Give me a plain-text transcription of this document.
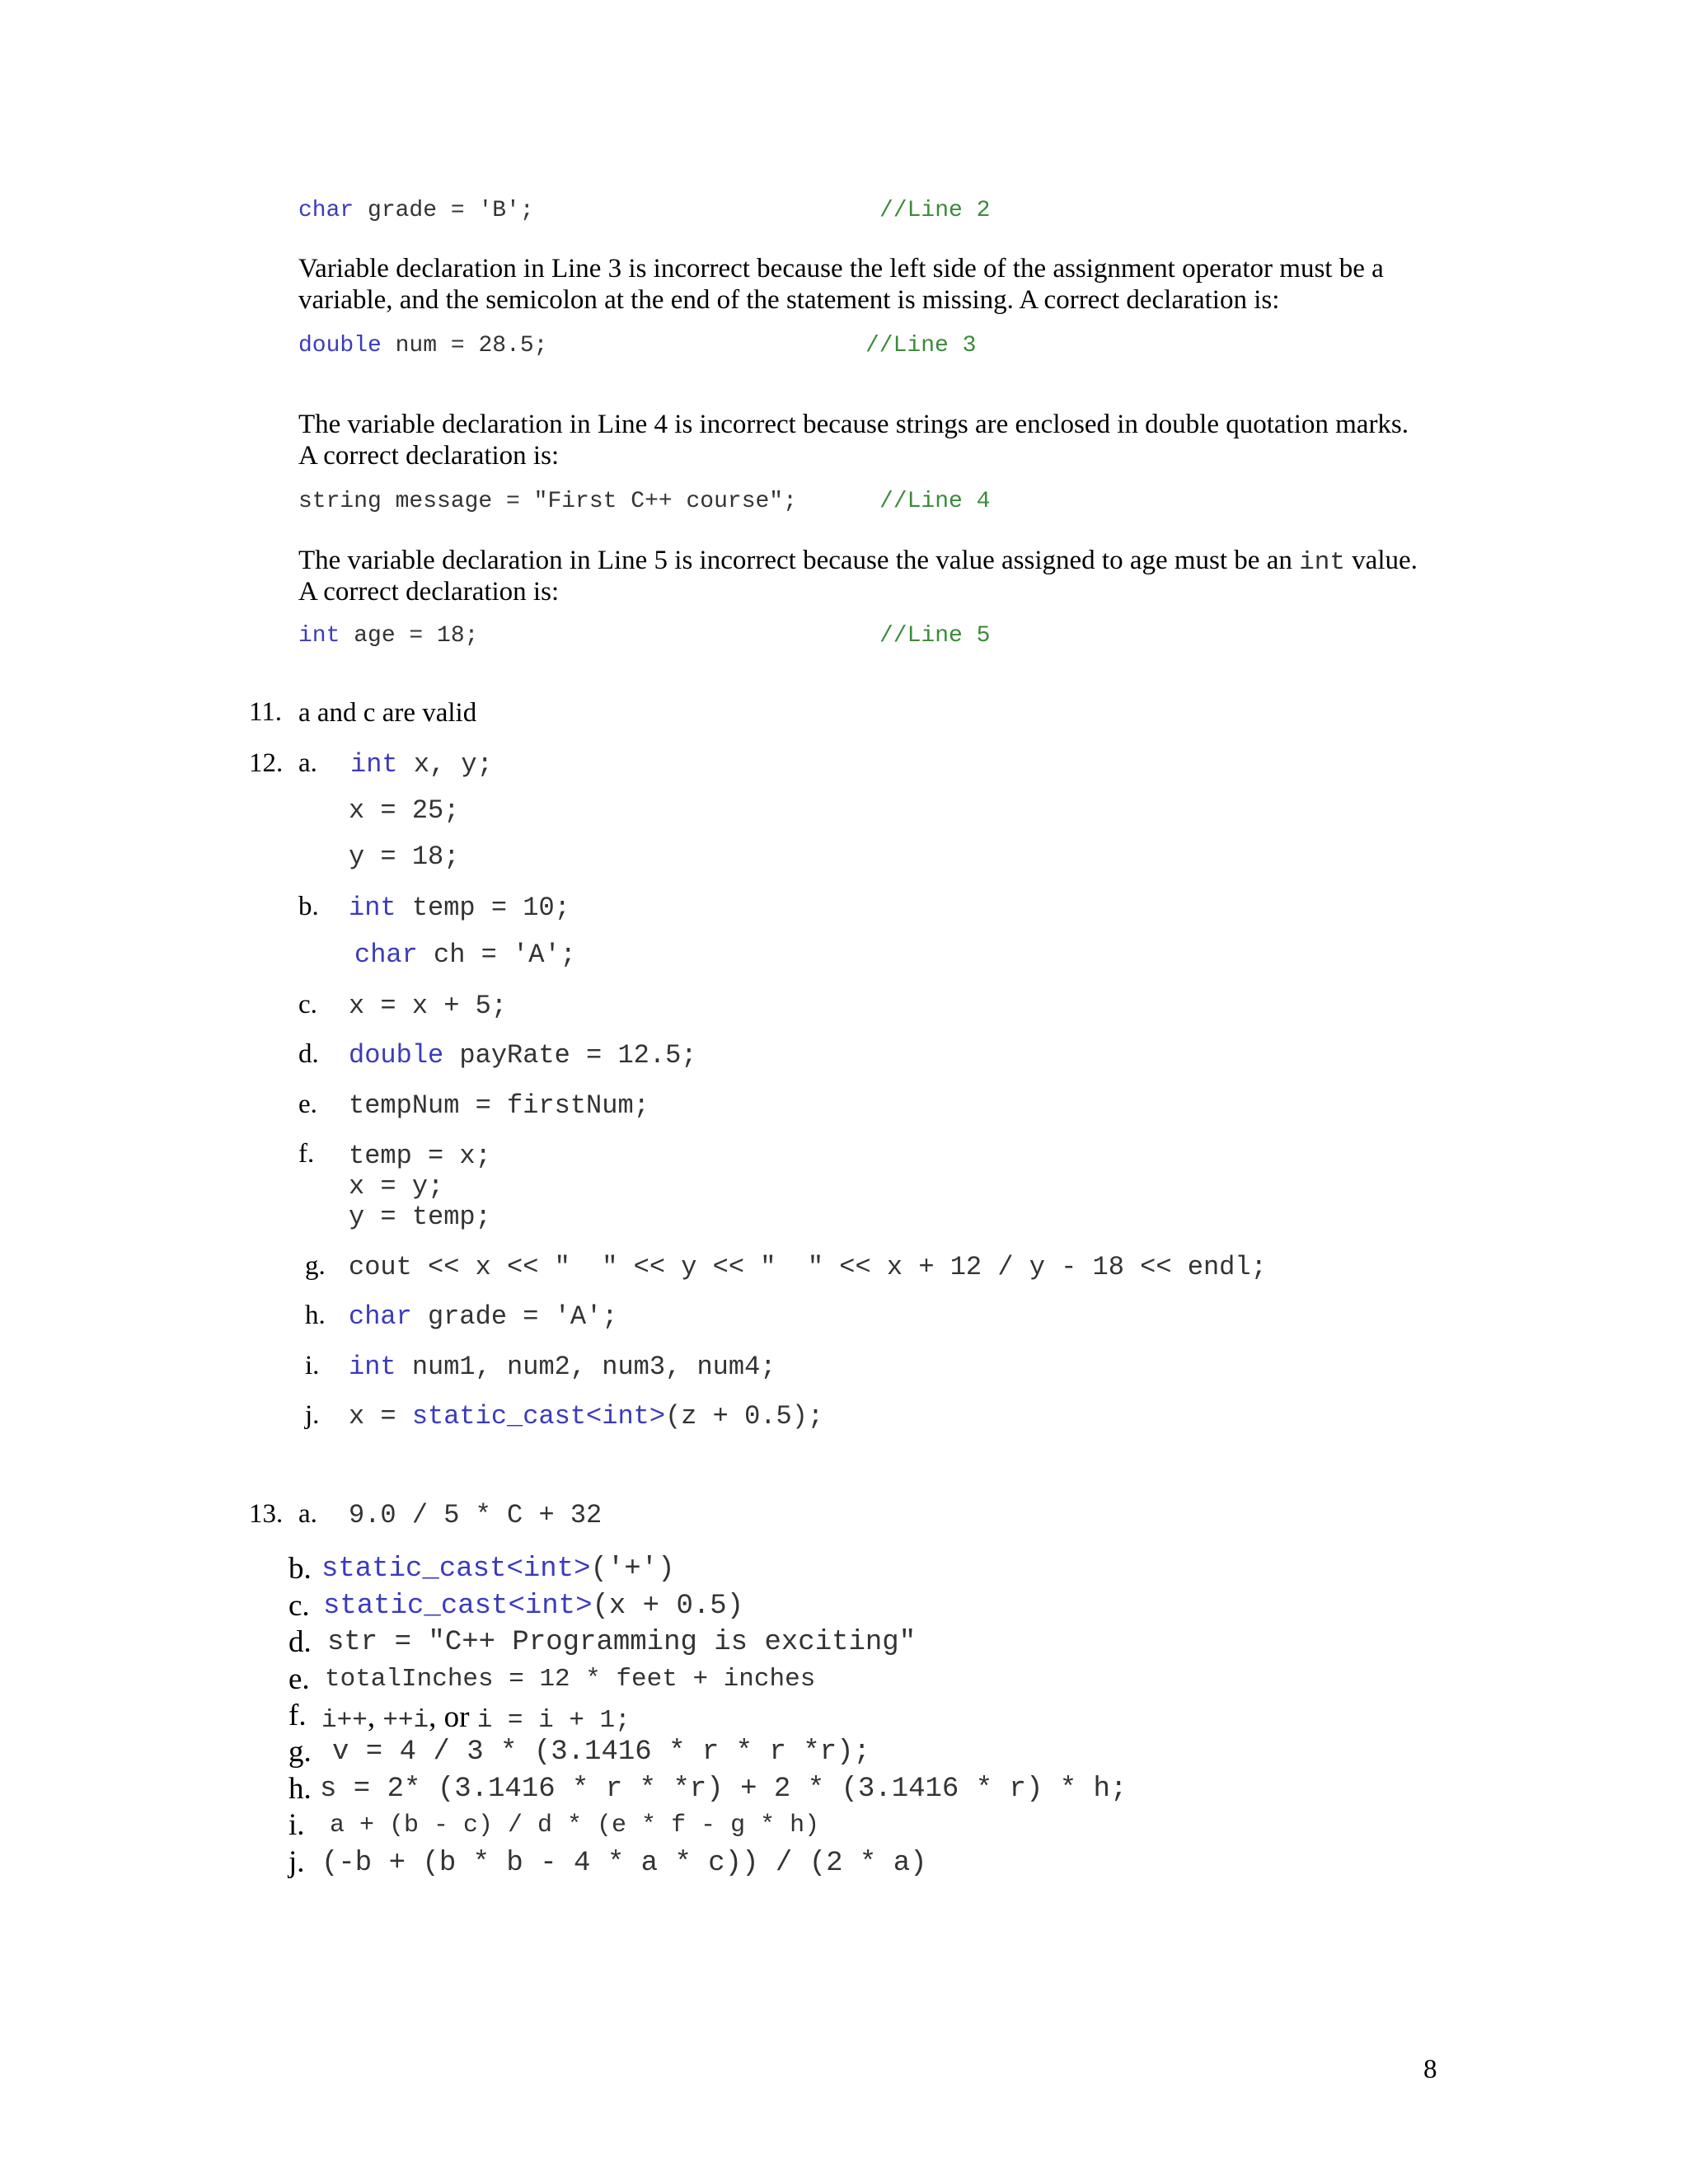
char grade = 'B';	//Line 2
Variable declaration in Line 3 is incorrect because the left side of the assignment operator must be a
variable, and the semicolon at the end of the statement is missing. A correct declaration is:
double num = 28.5;	//Line 3
The variable declaration in Line 4 is incorrect because strings are enclosed in double quotation marks.
A correct declaration is:
string message = "First C++ course";	//Line 4
The variable declaration in Line 5 is incorrect because the value assigned to age must be an int value.
A correct declaration is:
int age = 18;	//Line 5
11. a and c are valid
12. a. int x, y;
x = 25;
y = 18;
b. int temp = 10;
char ch = 'A';
c. x = x + 5;
d. double payRate = 12.5;
e. tempNum = firstNum;
f. temp = x;
x = y;
y = temp;
g. cout << x << "  " << y << "  " << x + 12 / y - 18 << endl;
h. char grade = 'A';
i. int num1, num2, num3, num4;
j. x = static_cast<int>(z + 0.5);
13. a. 9.0 / 5 * C + 32
b. static_cast<int>('+')
c. static_cast<int>(x + 0.5)
d. str = "C++ Programming is exciting"
e. totalInches = 12 * feet + inches
f. i++, ++i, or i = i + 1;
g. v = 4 / 3 * (3.1416 * r * r *r);
h. s = 2* (3.1416 * r * *r) + 2 * (3.1416 * r) * h;
i. a + (b - c) / d * (e * f - g * h)
j. (-b + (b * b - 4 * a * c)) / (2 * a)
8
